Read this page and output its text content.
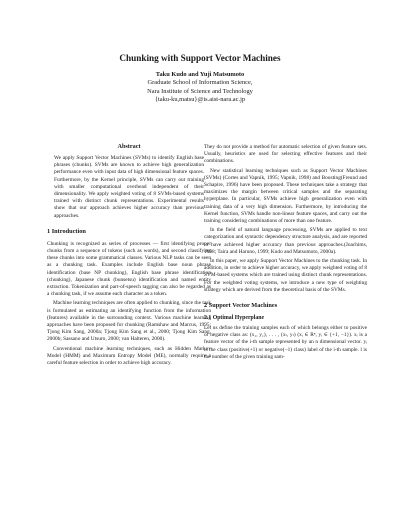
Chunking with Support Vector Machines
Taku Kudo and Yuji Matsumoto
Graduate School of Information Science,
Nara Institute of Science and Technology
{taku-ku,matsu}@is.aist-nara.ac.jp
Abstract

We apply Support Vector Machines (SVMs) to identify English base phrases (chunks). SVMs are known to achieve high generalization performance even with input data of high dimensional feature spaces. Furthermore, by the Kernel principle, SVMs can carry out training with smaller computational overhead independent of their dimensionality. We apply weighted voting of 8 SVMs-based systems trained with distinct chunk representations. Experimental results show that our approach achieves higher accuracy than previous approaches.

1 Introduction

Chunking is recognized as series of processes — first identifying proper chunks from a sequence of tokens (such as words), and second classifying these chunks into some grammatical classes. Various NLP tasks can be seen as a chunking task. Examples include English base noun phrase identification (base NP chunking), English base phrase identification (chunking), Japanese chunk (bunsetsu) identification and named entity extraction. Tokenization and part-of-speech tagging can also be regarded as a chunking task, if we assume each character as a token.

Machine learning techniques are often applied to chunking, since the task is formulated as estimating an identifying function from the information (features) available in the surrounding context. Various machine learning approaches have been proposed for chunking (Ramshaw and Marcus, 1995; Tjong Kim Sang, 2000a; Tjong Kim Sang et al., 2000; Tjong Kim Sang, 2000b; Sassano and Utsuro, 2000; van Halteren, 2000).

Conventional machine learning techniques, such as Hidden Markov Model (HMM) and Maximum Entropy Model (ME), normally require a careful feature selection in order to achieve high accuracy.

They do not provide a method for automatic selection of given feature sets. Usually, heuristics are used for selecting effective features and their combinations.

New statistical learning techniques such as Support Vector Machines (SVMs) (Cortes and Vapnik, 1995; Vapnik, 1998) and Boosting(Freund and Schapire, 1996) have been proposed. These techniques take a strategy that maximizes the margin between critical samples and the separating hyperplane. In particular, SVMs achieve high generalization even with training data of a very high dimension. Furthermore, by introducing the Kernel function, SVMs handle non-linear feature spaces, and carry out the training considering combinations of more than one feature.

In the field of natural language processing, SVMs are applied to text categorization and syntactic dependency structure analysis, and are reported to have achieved higher accuracy than previous approaches.(Joachims, 1998; Taira and Haruno, 1999; Kudo and Matsumoto, 2000a).

In this paper, we apply Support Vector Machines to the chunking task. In addition, in order to achieve higher accuracy, we apply weighted voting of 8 SVM-based systems which are trained using distinct chunk representations. For the weighted voting systems, we introduce a new type of weighting strategy which are derived from the theoretical basis of the SVMs.

2 Support Vector Machines
2.1 Optimal Hyperplane

Let us define the training samples each of which belongs either to positive or negative class as: (x₁, y₁), . . . , (xₗ, yₗ) (xᵢ ∈ Rⁿ, yᵢ ∈ {+1, −1}). xᵢ is a feature vector of the i-th sample represented by an n dimensional vector. yᵢ is the class (positive(+1) or negative(−1) class) label of the i-th sample. l is the number of the given training sam-
